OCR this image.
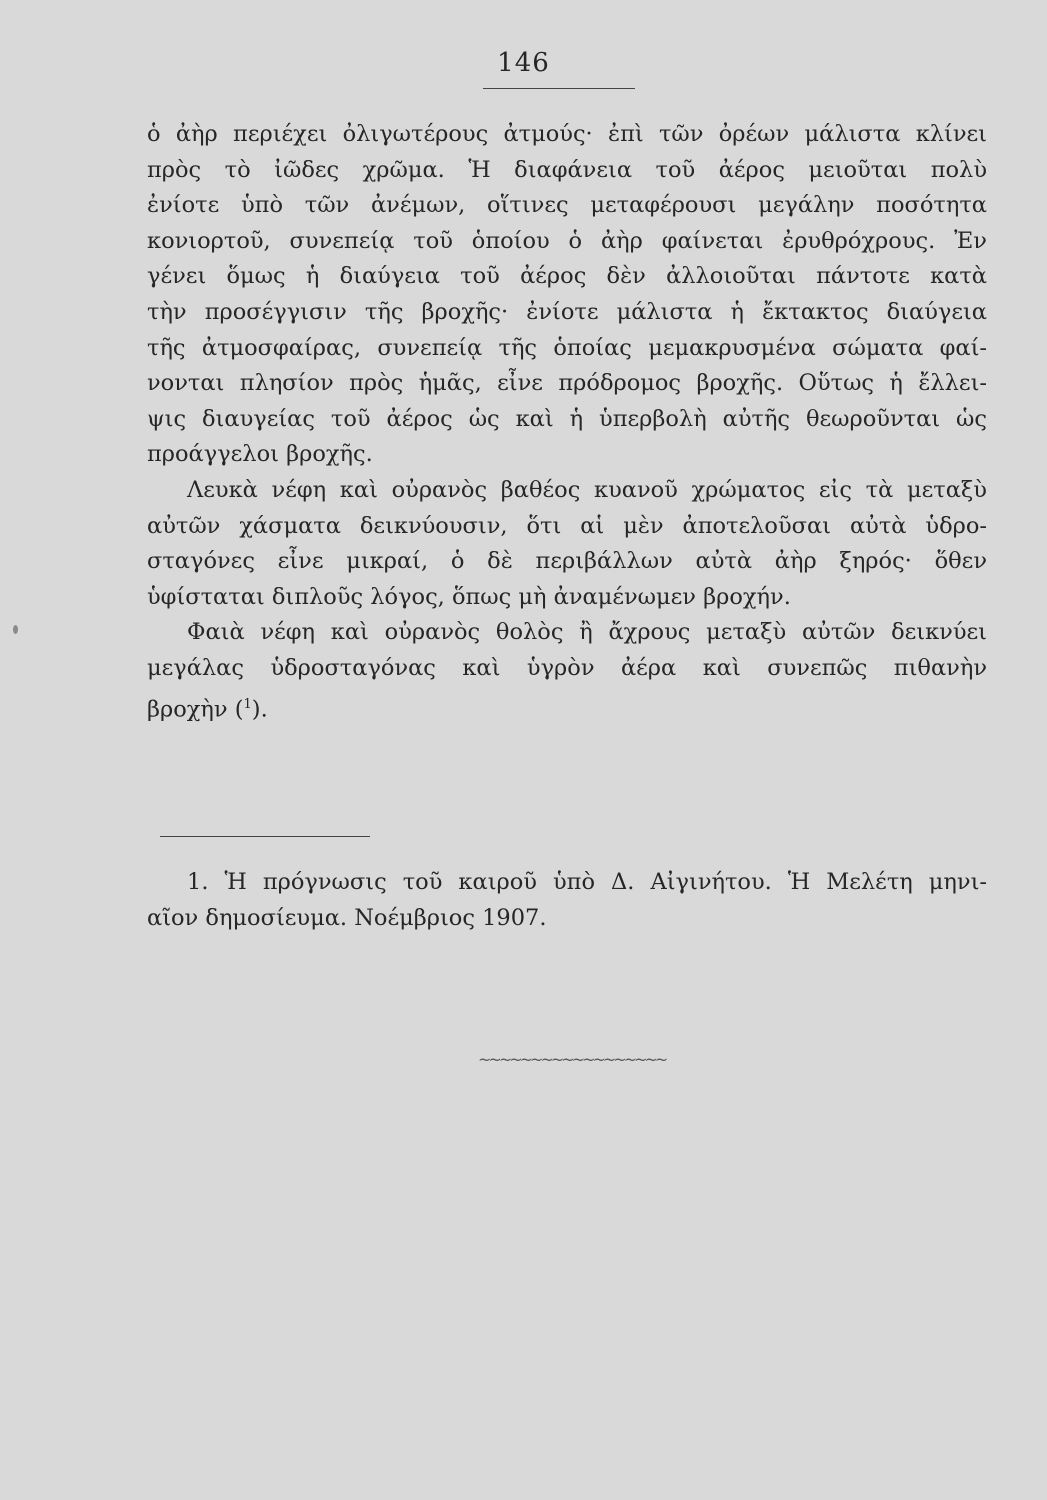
146
ὁ ἀὴρ περιέχει ὀλιγωτέρους ἀτμούς· ἐπὶ τῶν ὀρέων μάλιστα κλίνει
πρὸς τὸ ἰῶδες χρῶμα. Ἡ διαφάνεια τοῦ ἀέρος μειοῦται πολὺ
ἐνίοτε ὑπὸ τῶν ἀνέμων, οἵτινες μεταφέρουσι μεγάλην ποσότητα
κονιορτοῦ, συνεπείᾳ τοῦ ὁποίου ὁ ἀὴρ φαίνεται ἐρυθρόχρους. Ἐν
γένει ὅμως ἡ διαύγεια τοῦ ἀέρος δὲν ἀλλοιοῦται πάντοτε κατὰ
τὴν προσέγγισιν τῆς βροχῆς· ἐνίοτε μάλιστα ἡ ἔκτακτος διαύγεια
τῆς ἀτμοσφαίρας, συνεπείᾳ τῆς ὁποίας μεμακρυσμένα σώματα φαί-
νονται πλησίον πρὸς ἡμᾶς, εἶνε πρόδρομος βροχῆς. Οὕτως ἡ ἔλλει-
ψις διαυγείας τοῦ ἀέρος ὡς καὶ ἡ ὑπερβολὴ αὐτῆς θεωροῦνται ὡς
προάγγελοι βροχῆς.
Λευκὰ νέφη καὶ οὐρανὸς βαθέος κυανοῦ χρώματος εἰς τὰ μεταξὺ
αὐτῶν χάσματα δεικνύουσιν, ὅτι αἱ μὲν ἀποτελοῦσαι αὐτὰ ὑδρο-
σταγόνες εἶνε μικραί, ὁ δὲ περιβάλλων αὐτὰ ἀὴρ ξηρός· ὅθεν
ὑφίσταται διπλοῦς λόγος, ὅπως μὴ ἀναμένωμεν βροχήν.
Φαιὰ νέφη καὶ οὐρανὸς θολὸς ἢ ἄχρους μεταξὺ αὐτῶν δεικνύει
μεγάλας ὑδροσταγόνας καὶ ὑγρὸν ἀέρα καὶ συνεπῶς πιθανὴν
βροχὴν ($^1$).
1. Ἡ πρόγνωσις τοῦ καιροῦ ὑπὸ Δ. Αἰγινήτου. Ἡ Μελέτη μηνι-
αῖον δημοσίευμα. Νοέμβριος 1907.
~~~~~~~~~~~~~~~~~~
